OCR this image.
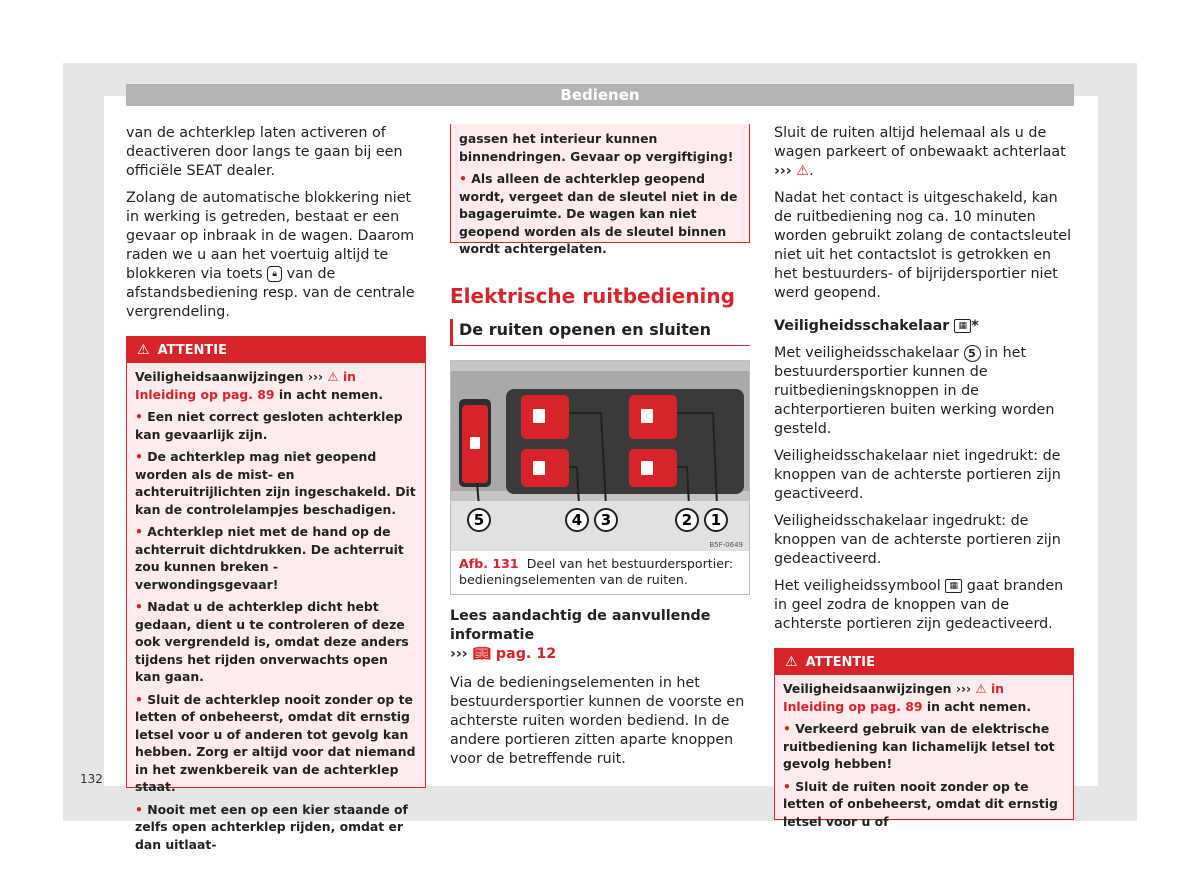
Bedienen

van de achterklep laten activeren of deactiveren door langs te gaan bij een officiële SEAT dealer.

Zolang de automatische blokkering niet in werking is getreden, bestaat er een gevaar op inbraak in de wagen. Daarom raden we u aan het voertuig altijd te blokkeren via toets 🔒︎ van de afstandsbediening resp. van de centrale vergrendeling.

⚠ ATTENTIE

Veiligheidsaanwijzingen ››› ⚠ in Inleiding op pag. 89 in acht nemen.

• Een niet correct gesloten achterklep kan gevaarlijk zijn.

• De achterklep mag niet geopend worden als de mist- en achteruitrijlichten zijn ingeschakeld. Dit kan de controlelampjes beschadigen.

• Achterklep niet met de hand op de achterruit dichtdrukken. De achterruit zou kunnen breken - verwondingsgevaar!

• Nadat u de achterklep dicht hebt gedaan, dient u te controleren of deze ook vergrendeld is, omdat deze anders tijdens het rijden onverwachts open kan gaan.

• Sluit de achterklep nooit zonder op te letten of onbeheerst, omdat dit ernstig letsel voor u of anderen tot gevolg kan hebben. Zorg er altijd voor dat niemand in het zwenkbereik van de achterklep staat.

• Nooit met een op een kier staande of zelfs open achterklep rijden, omdat er dan uitlaat-

gassen het interieur kunnen binnendringen. Gevaar op vergiftiging!

• Als alleen de achterklep geopend wordt, vergeet dan de sleutel niet in de bagageruimte. De wagen kan niet geopend worden als de sleutel binnen wordt achtergelaten.

Elektrische ruitbediening
De ruiten openen en sluiten
5	4 3	2 1
B5F-0649
Afb. 131 Deel van het bestuurdersportier: bedieningselementen van de ruiten.

Lees aandachtig de aanvullende informatie
››› 📖︎ pag. 12

Via de bedieningselementen in het bestuurdersportier kunnen de voorste en achterste ruiten worden bediend. In de andere portieren zitten aparte knoppen voor de betreffende ruit.

Sluit de ruiten altijd helemaal als u de wagen parkeert of onbewaakt achterlaat ››› ⚠.

Nadat het contact is uitgeschakeld, kan de ruitbediening nog ca. 10 minuten worden gebruikt zolang de contactsleutel niet uit het contactslot is getrokken en het bestuurders- of bijrijdersportier niet werd geopend.

Veiligheidsschakelaar ▦ *

Met veiligheidsschakelaar 5 in het bestuurdersportier kunnen de ruitbedieningsknoppen in de achterportieren buiten werking worden gesteld.

Veiligheidsschakelaar niet ingedrukt: de knoppen van de achterste portieren zijn geactiveerd.

Veiligheidsschakelaar ingedrukt: de knoppen van de achterste portieren zijn gedeactiveerd.

Het veiligheidssymbool ▦ gaat branden in geel zodra de knoppen van de achterste portieren zijn gedeactiveerd.

⚠ ATTENTIE

Veiligheidsaanwijzingen ››› ⚠ in Inleiding op pag. 89 in acht nemen.

• Verkeerd gebruik van de elektrische ruitbediening kan lichamelijk letsel tot gevolg hebben!

• Sluit de ruiten nooit zonder op te letten of onbeheerst, omdat dit ernstig letsel voor u of

132
